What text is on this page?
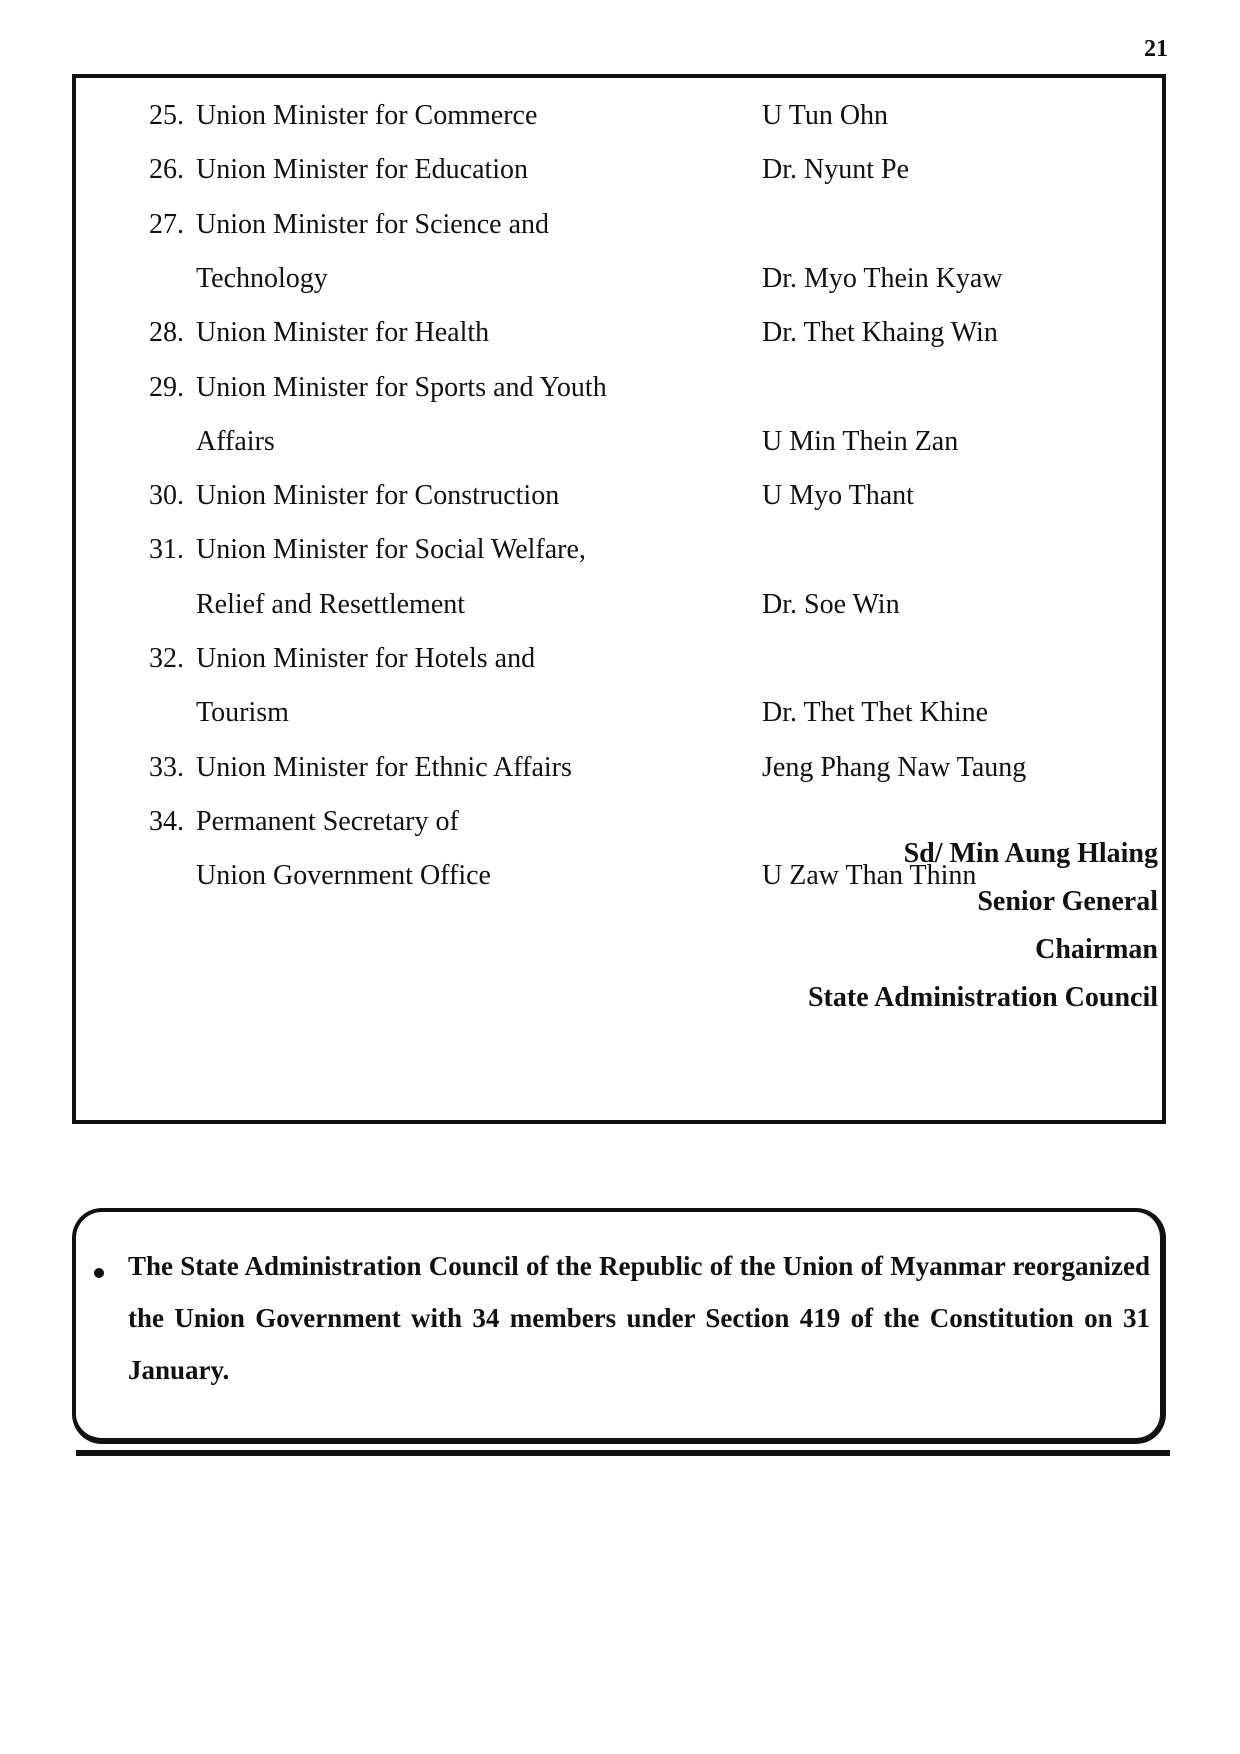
21
25. Union Minister for Commerce	U Tun Ohn
26. Union Minister for Education	Dr. Nyunt Pe
27. Union Minister for Science and
Technology	Dr. Myo Thein Kyaw
28. Union Minister for Health	Dr. Thet Khaing Win
29. Union Minister for Sports and Youth
Affairs	U Min Thein Zan
30. Union Minister for Construction	U Myo Thant
31. Union Minister for Social Welfare,
Relief and Resettlement	Dr. Soe Win
32. Union Minister for Hotels and
Tourism	Dr. Thet Thet Khine
33. Union Minister for Ethnic Affairs	Jeng Phang Naw Taung
34. Permanent Secretary of
Union Government Office	U Zaw Than Thinn
Sd/ Min Aung Hlaing
Senior General
Chairman
State Administration Council
The State Administration Council of the Republic of the Union of Myanmar reorganized the Union Government with 34 members under Section 419 of the Constitution on 31 January.
